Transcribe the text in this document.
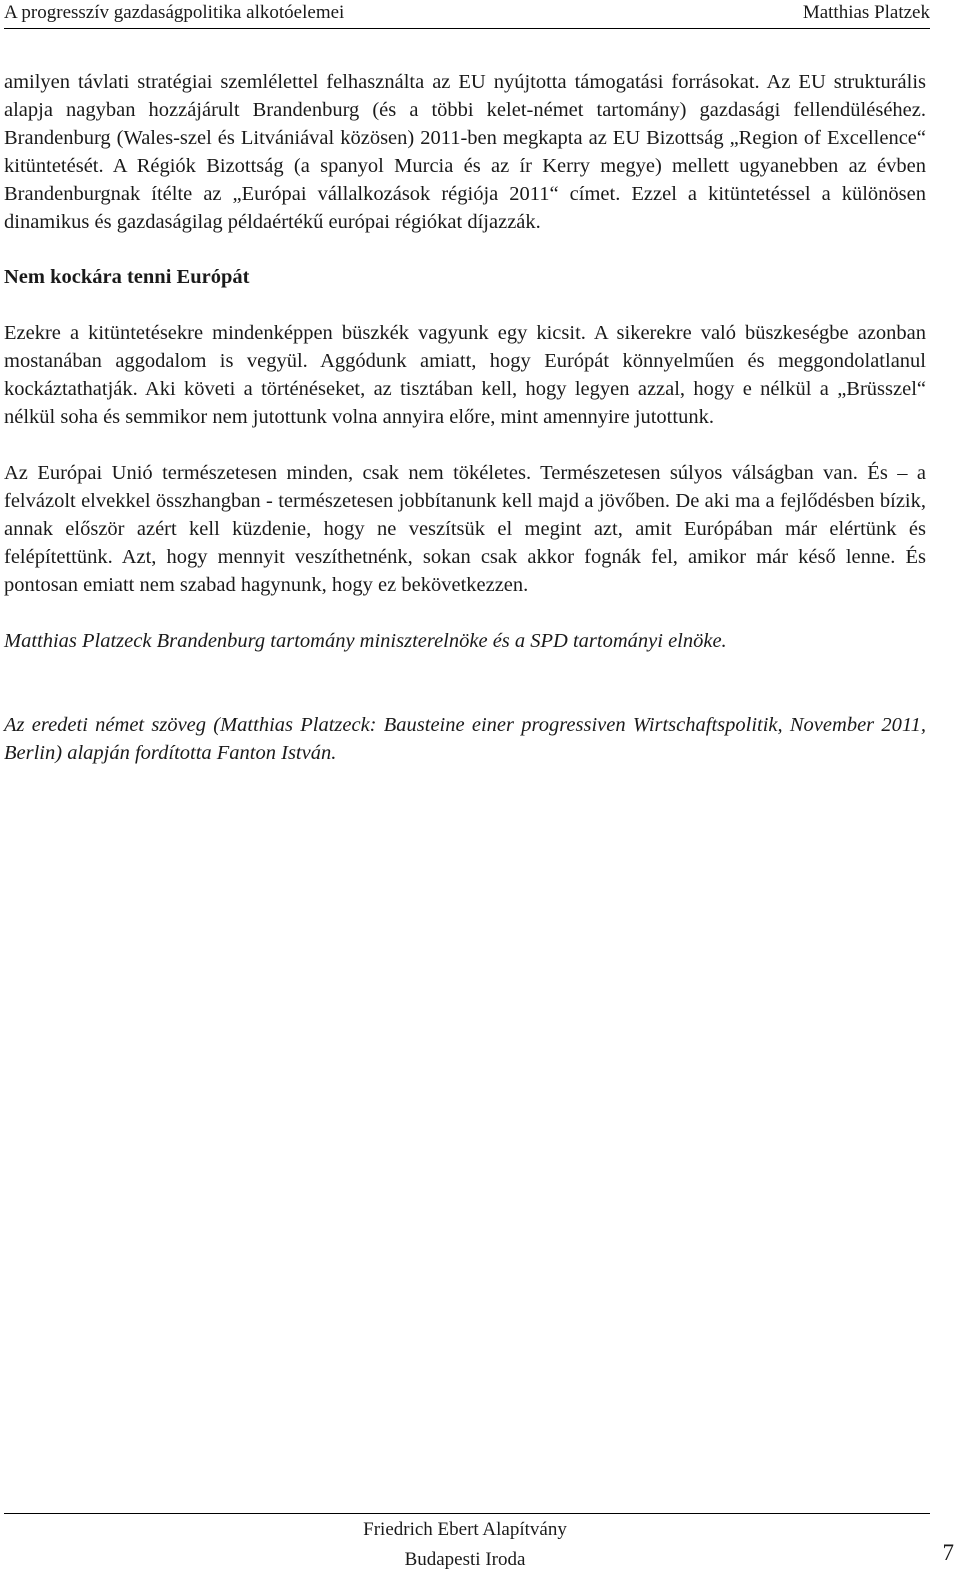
A progresszív gazdaságpolitika alkotóelemei	Matthias Platzek

amilyen távlati stratégiai szemlélettel felhasználta az EU nyújtotta támogatási forrásokat. Az EU strukturális alapja nagyban hozzájárult Brandenburg (és a többi kelet-német tartomány) gazdasági fellendüléséhez. Brandenburg (Wales-szel és Litvániával közösen) 2011-ben megkapta az EU Bizottság „Region of Excellence“ kitüntetését. A Régiók Bizottság (a spanyol Murcia és az ír Kerry megye) mellett ugyanebben az évben Brandenburgnak ítélte az „Európai vállalkozások régiója 2011“ címet. Ezzel a kitüntetéssel a különösen dinamikus és gazdaságilag példaértékű európai régiókat díjazzák.

Nem kockára tenni Európát

Ezekre a kitüntetésekre mindenképpen büszkék vagyunk egy kicsit. A sikerekre való büszkeségbe azonban mostanában aggodalom is vegyül. Aggódunk amiatt, hogy Európát könnyelműen és meggondolatlanul kockáztathatják. Aki követi a történéseket, az tisztában kell, hogy legyen azzal, hogy e nélkül a „Brüsszel“ nélkül soha és semmikor nem jutottunk volna annyira előre, mint amennyire jutottunk.

Az Európai Unió természetesen minden, csak nem tökéletes. Természetesen súlyos válságban van. És – a felvázolt elvekkel összhangban - természetesen jobbítanunk kell majd a jövőben. De aki ma a fejlődésben bízik, annak először azért kell küzdenie, hogy ne veszítsük el megint azt, amit Európában már elértünk és felépítettünk. Azt, hogy mennyit veszíthetnénk, sokan csak akkor fognák fel, amikor már késő lenne. És pontosan emiatt nem szabad hagynunk, hogy ez bekövetkezzen.

Matthias Platzeck Brandenburg tartomány miniszterelnöke és a SPD tartományi elnöke.

Az eredeti német szöveg (Matthias Platzeck: Bausteine einer progressiven Wirtschaftspolitik, November 2011, Berlin) alapján fordította Fanton István.

Friedrich Ebert Alapítvány
Budapesti Iroda	7
